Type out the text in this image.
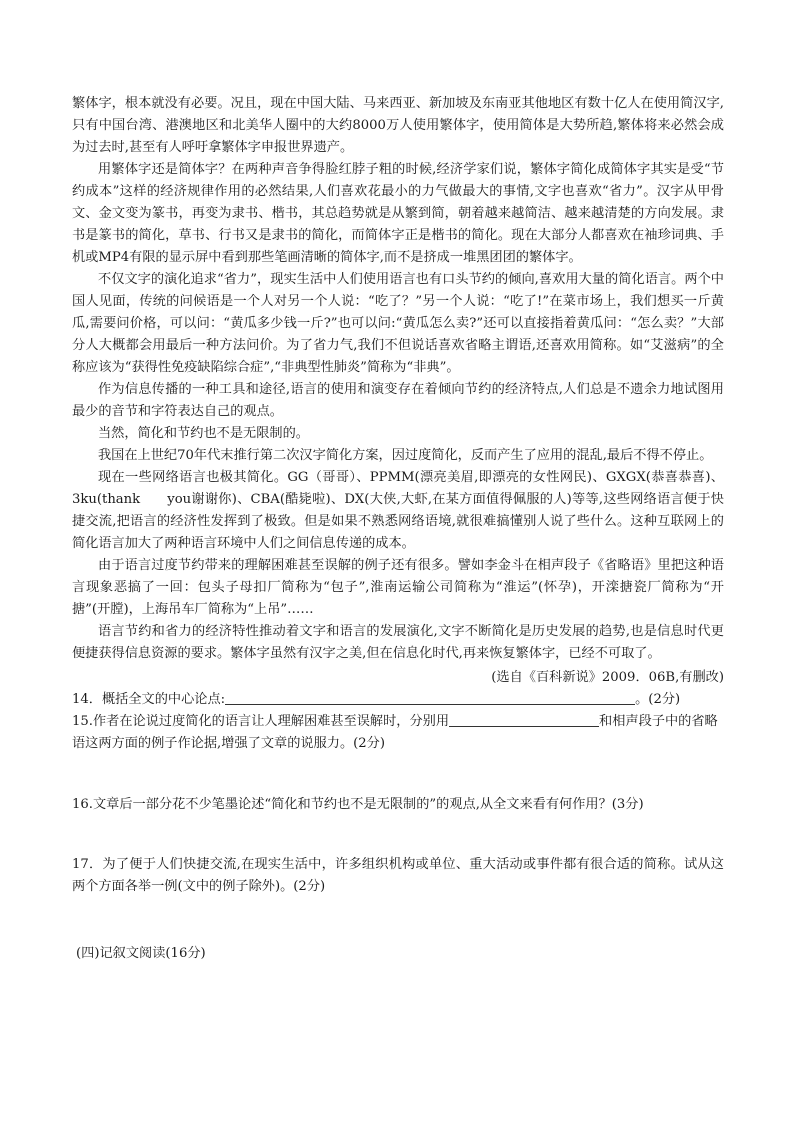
繁体字，根本就没有必要。况且，现在中国大陆、马来西亚、新加坡及东南亚其他地区有数十亿人在使用简汉字,只有中国台湾、港澳地区和北美华人圈中的大约8000万人使用繁体字，使用简体是大势所趋,繁体将来必然会成为过去时,甚至有人呼吁拿繁体字申报世界遗产。

用繁体字还是简体字？在两种声音争得脸红脖子粗的时候,经济学家们说，繁体字简化成简体字其实是受“节约成本”这样的经济规律作用的必然结果,人们喜欢花最小的力气做最大的事情,文字也喜欢“省力”。汉字从甲骨文、金文变为篆书，再变为隶书、楷书，其总趋势就是从繁到简，朝着越来越简洁、越来越清楚的方向发展。隶书是篆书的简化，草书、行书又是隶书的简化，而简体字正是楷书的简化。现在大部分人都喜欢在袖珍词典、手机或MP4有限的显示屏中看到那些笔画清晰的简体字,而不是挤成一堆黑团团的繁体字。

不仅文字的演化追求“省力”，现实生活中人们使用语言也有口头节约的倾向,喜欢用大量的简化语言。两个中国人见面，传统的问候语是一个人对另一个人说：“吃了？”另一个人说：“吃了!”在菜市场上，我们想买一斤黄瓜,需要问价格，可以问：“黄瓜多少钱一斤?”也可以问:“黄瓜怎么卖?”还可以直接指着黄瓜问：“怎么卖？”大部分人大概都会用最后一种方法问价。为了省力气,我们不但说话喜欢省略主谓语,还喜欢用简称。如“艾滋病”的全称应该为“获得性免疫缺陷综合症”,“非典型性肺炎”简称为“非典”。

作为信息传播的一种工具和途径,语言的使用和演变存在着倾向节约的经济特点,人们总是不遗余力地试图用最少的音节和字符表达自己的观点。

当然，简化和节约也不是无限制的。

我国在上世纪70年代末推行第二次汉字简化方案，因过度简化，反而产生了应用的混乱,最后不得不停止。

现在一些网络语言也极其简化。GG（哥哥）、PPMM(漂亮美眉,即漂亮的女性网民)、GXGX(恭喜恭喜)、3ku(thank　　you谢谢你)、CBA(酷毙啦)、DX(大侠,大虾,在某方面值得佩服的人)等等,这些网络语言便于快捷交流,把语言的经济性发挥到了极致。但是如果不熟悉网络语境,就很难搞懂别人说了些什么。这种互联网上的简化语言加大了两种语言环境中人们之间信息传递的成本。

由于语言过度节约带来的理解困难甚至误解的例子还有很多。譬如李金斗在相声段子《省略语》里把这种语言现象恶搞了一回：包头子母扣厂简称为“包子”,淮南运输公司简称为“淮运”(怀孕)，开滦搪瓷厂简称为“开搪”(开膛)，上海吊车厂简称为“上吊”……

语言节约和省力的经济特性推动着文字和语言的发展演化,文字不断简化是历史发展的趋势,也是信息时代更便捷获得信息资源的要求。繁体字虽然有汉字之美,但在信息化时代,再来恢复繁体字，已经不可取了。

(选自《百科新说》2009．06B,有删改)

14．概括全文的中心论点:	。(2分)
15.作者在论说过度简化的语言让人理解困难甚至误解时，分别用	和相声段子中的省略语这两方面的例子作论据,增强了文章的说服力。(2分)

16.文章后一部分花不少笔墨论述“简化和节约也不是无限制的”的观点,从全文来看有何作用？(3分)

17．为了便于人们快捷交流,在现实生活中，许多组织机构或单位、重大活动或事件都有很合适的简称。试从这两个方面各举一例(文中的例子除外)。(2分)

(四)记叙文阅读(16分)
